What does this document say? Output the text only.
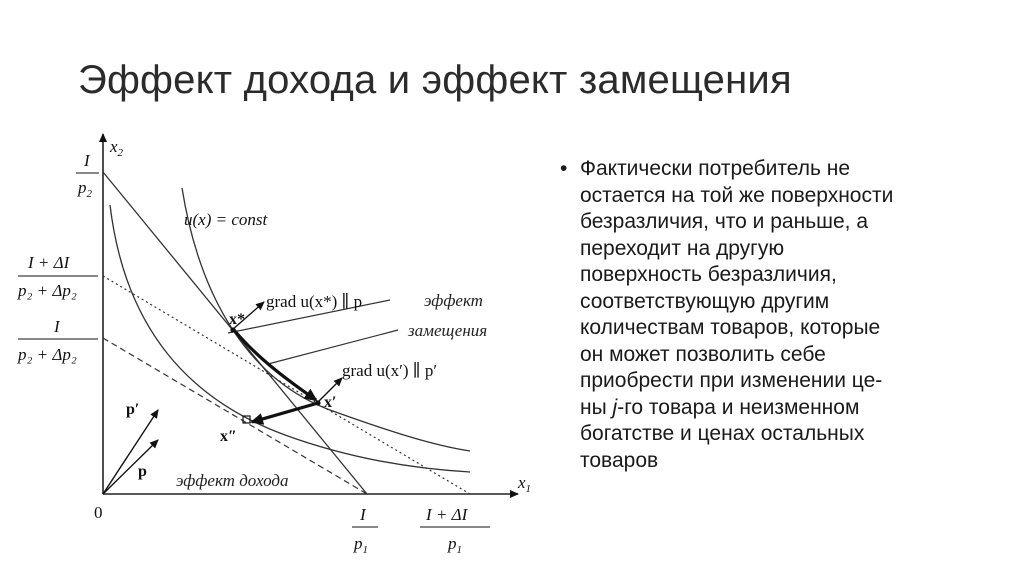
Эффект дохода и эффект замещения
I
$p_2$
I + ΔI
p₂ + Δp₂
I
p₂ + Δp₂
I
$p_1$
I + ΔI
$p_1$
$x_1$
$x_2$
0
u(x) = const
grad u(x*) ∥ p
grad u(x′) ∥ p′
эффект
замещения
эффект дохода
x*
x′
x″
p
p′
• Фактически потребитель не
остается на той же поверхности
безразличия, что и раньше, а
переходит на другую
поверхность безразличия,
соответствующую другим
количествам товаров, которые
он может позволить себе
приобрести при изменении це-
ны j-го товара и неизменном
богатстве и ценах остальных
товаров
